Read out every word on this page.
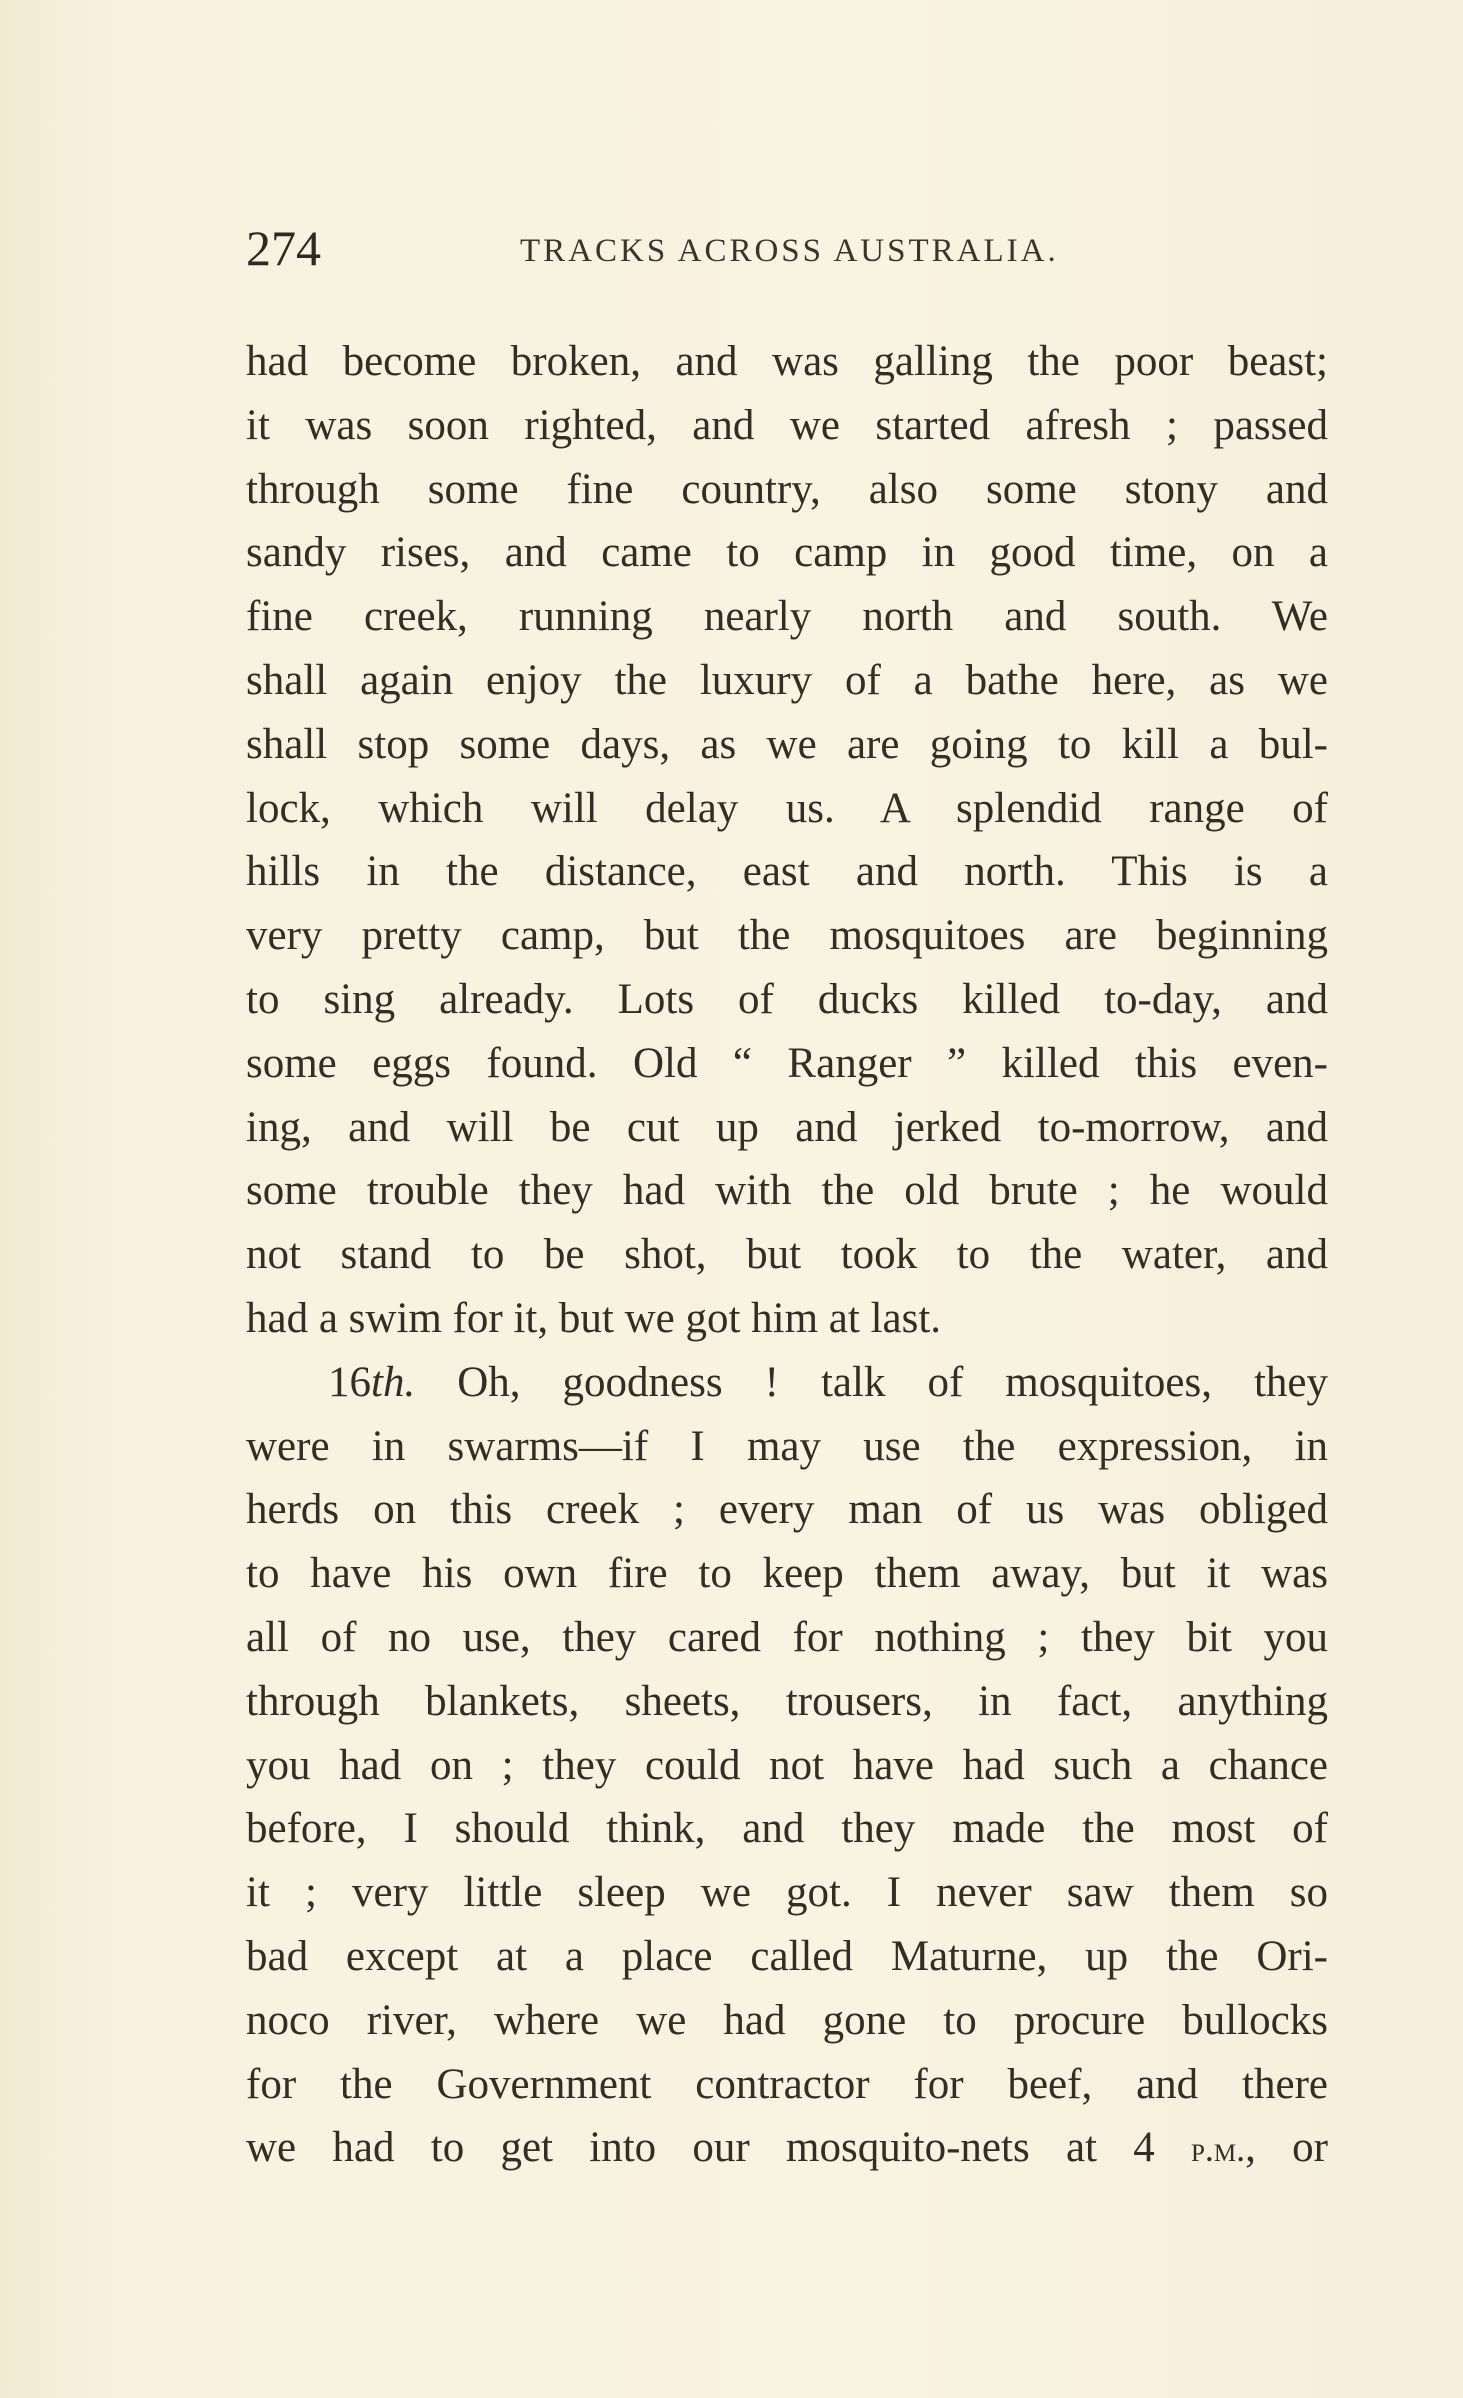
274	TRACKS ACROSS AUSTRALIA.
had become broken, and was galling the poor beast;
it was soon righted, and we started afresh ; passed
through some fine country, also some stony and
sandy rises, and came to camp in good time, on a
fine creek, running nearly north and south. We
shall again enjoy the luxury of a bathe here, as we
shall stop some days, as we are going to kill a bul-
lock, which will delay us. A splendid range of
hills in the distance, east and north. This is a
very pretty camp, but the mosquitoes are beginning
to sing already. Lots of ducks killed to-day, and
some eggs found. Old “ Ranger ” killed this even-
ing, and will be cut up and jerked to-morrow, and
some trouble they had with the old brute ; he would
not stand to be shot, but took to the water, and
had a swim for it, but we got him at last.
16th. Oh, goodness ! talk of mosquitoes, they
were in swarms—if I may use the expression, in
herds on this creek ; every man of us was obliged
to have his own fire to keep them away, but it was
all of no use, they cared for nothing ; they bit you
through blankets, sheets, trousers, in fact, anything
you had on ; they could not have had such a chance
before, I should think, and they made the most of
it ; very little sleep we got. I never saw them so
bad except at a place called Maturne, up the Ori-
noco river, where we had gone to procure bullocks
for the Government contractor for beef, and there
we had to get into our mosquito-nets at 4 p.m., or
